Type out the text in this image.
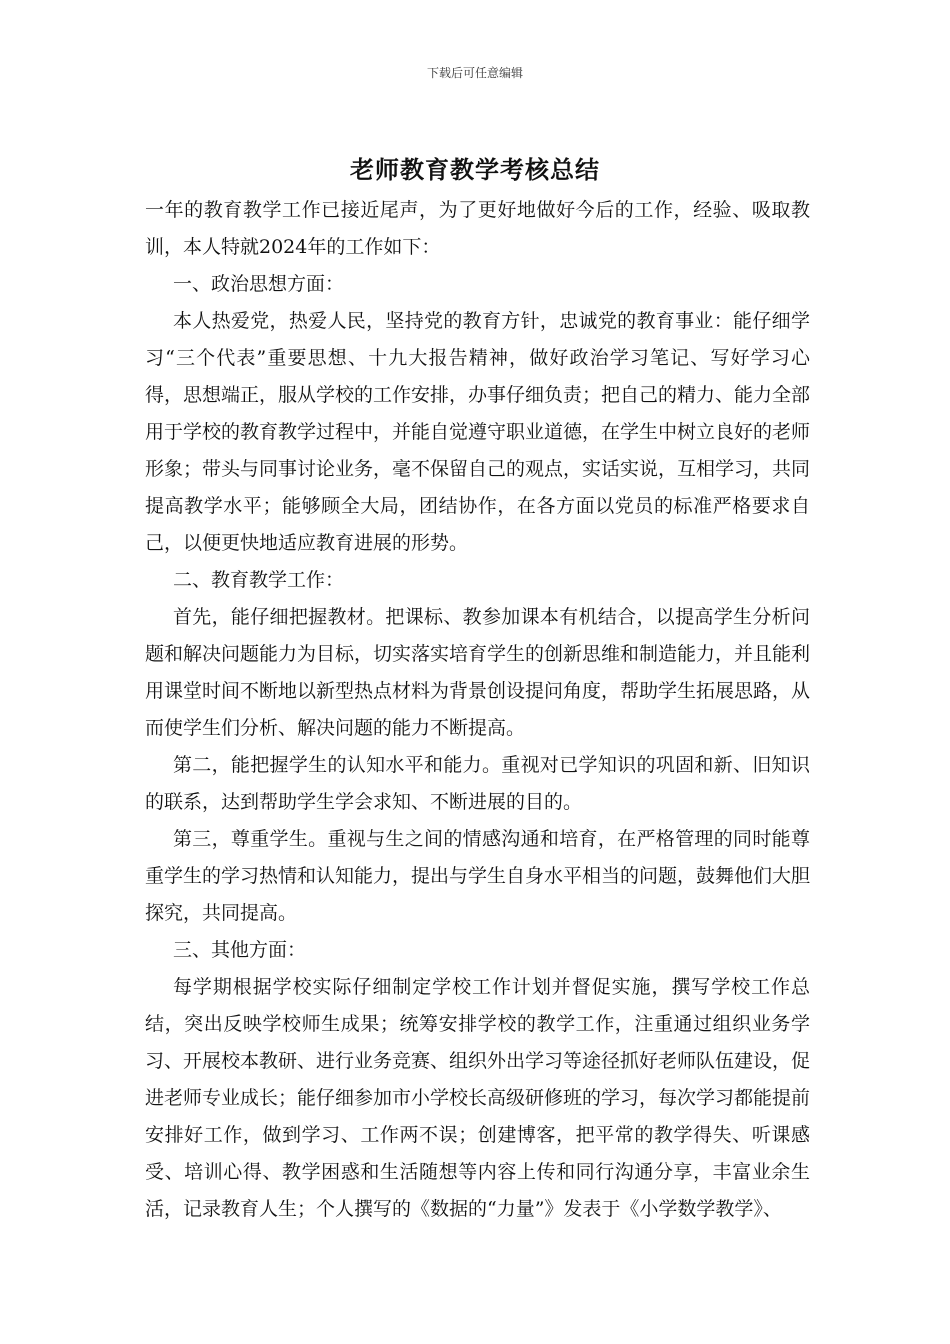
下载后可任意编辑
老师教育教学考核总结

一年的教育教学工作已接近尾声，为了更好地做好今后的工作，经验、吸取教训，本人特就2024年的工作如下：

一、政治思想方面：

本人热爱党，热爱人民，坚持党的教育方针，忠诚党的教育事业：能仔细学习“三个代表”重要思想、十九大报告精神，做好政治学习笔记、写好学习心得，思想端正，服从学校的工作安排，办事仔细负责；把自己的精力、能力全部用于学校的教育教学过程中，并能自觉遵守职业道德，在学生中树立良好的老师形象；带头与同事讨论业务，毫不保留自己的观点，实话实说，互相学习，共同提高教学水平；能够顾全大局，团结协作，在各方面以党员的标准严格要求自己，以便更快地适应教育进展的形势。

二、教育教学工作：

首先，能仔细把握教材。把课标、教参加课本有机结合，以提高学生分析问题和解决问题能力为目标，切实落实培育学生的创新思维和制造能力，并且能利用课堂时间不断地以新型热点材料为背景创设提问角度，帮助学生拓展思路，从而使学生们分析、解决问题的能力不断提高。

第二，能把握学生的认知水平和能力。重视对已学知识的巩固和新、旧知识的联系，达到帮助学生学会求知、不断进展的目的。

第三，尊重学生。重视与生之间的情感沟通和培育，在严格管理的同时能尊重学生的学习热情和认知能力，提出与学生自身水平相当的问题，鼓舞他们大胆探究，共同提高。

三、其他方面：

每学期根据学校实际仔细制定学校工作计划并督促实施，撰写学校工作总结，突出反映学校师生成果；统筹安排学校的教学工作，注重通过组织业务学习、开展校本教研、进行业务竞赛、组织外出学习等途径抓好老师队伍建设，促进老师专业成长；能仔细参加市小学校长高级研修班的学习，每次学习都能提前安排好工作，做到学习、工作两不误；创建博客，把平常的教学得失、听课感受、培训心得、教学困惑和生活随想等内容上传和同行沟通分享，丰富业余生活，记录教育人生；个人撰写的《数据的“力量”》发表于《小学数学教学》、
